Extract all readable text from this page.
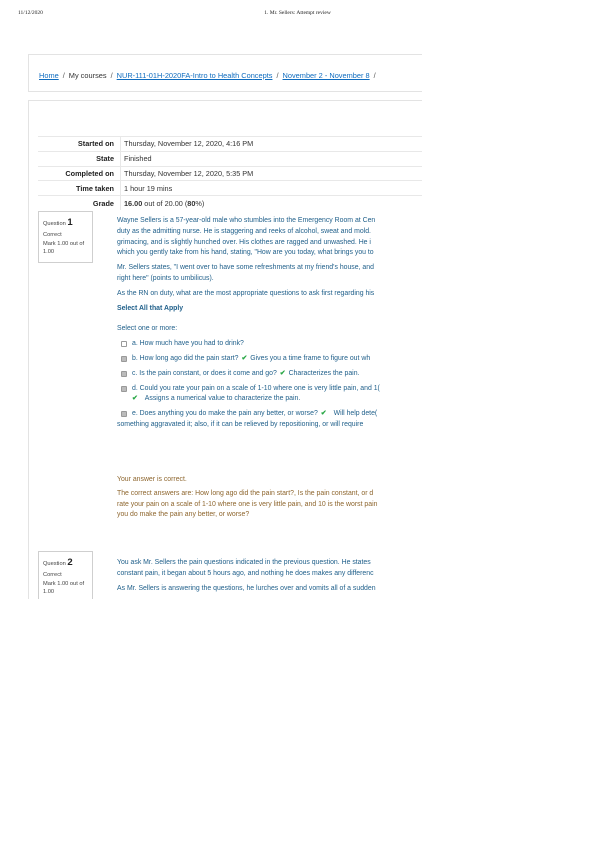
11/12/2020	1. Mr. Sellers: Attempt review
Home / My courses / NUR-111-01H-2020FA-Intro to Health Concepts / November 2 - November 8 /
Started on	Thursday, November 12, 2020, 4:16 PM
State	Finished
Completed on	Thursday, November 12, 2020, 5:35 PM
Time taken	1 hour 19 mins
Grade	16.00 out of 20.00 (80%)
Question 1
Correct
Mark 1.00 out of 1.00

Wayne Sellers is a 57-year-old male who stumbles into the Emergency Room at Cen

duty as the admitting nurse. He is staggering and reeks of alcohol, sweat and mold.

grimacing, and is slightly hunched over. His clothes are ragged and unwashed. He i

which you gently take from his hand, stating, "How are you today, what brings you to

Mr. Sellers states, "I went over to have some refreshments at my friend's house, and

right here" (points to umbilicus).

As the RN on duty, what are the most appropriate questions to ask first regarding his

Select All that Apply

Select one or more:

a. How much have you had to drink?
b. How long ago did the pain start? ✔ Gives you a time frame to figure out wh
c. Is the pain constant, or does it come and go? ✔ Characterizes the pain.
d. Could you rate your pain on a scale of 1-10 where one is very little pain, and 1(
✔ Assigns a numerical value to characterize the pain.
e. Does anything you do make the pain any better, or worse? ✔ Will help dete(
something aggravated it; also, if it can be relieved by repositioning, or will require

Your answer is correct.

The correct answers are: How long ago did the pain start?, Is the pain constant, or d

rate your pain on a scale of 1-10 where one is very little pain, and 10 is the worst pain

you do make the pain any better, or worse?

Question 2
Correct
Mark 1.00 out of 1.00

You ask Mr. Sellers the pain questions indicated in the previous question. He states

constant pain, it began about 5 hours ago, and nothing he does makes any differenc

As Mr. Sellers is answering the questions, he lurches over and vomits all of a sudden
